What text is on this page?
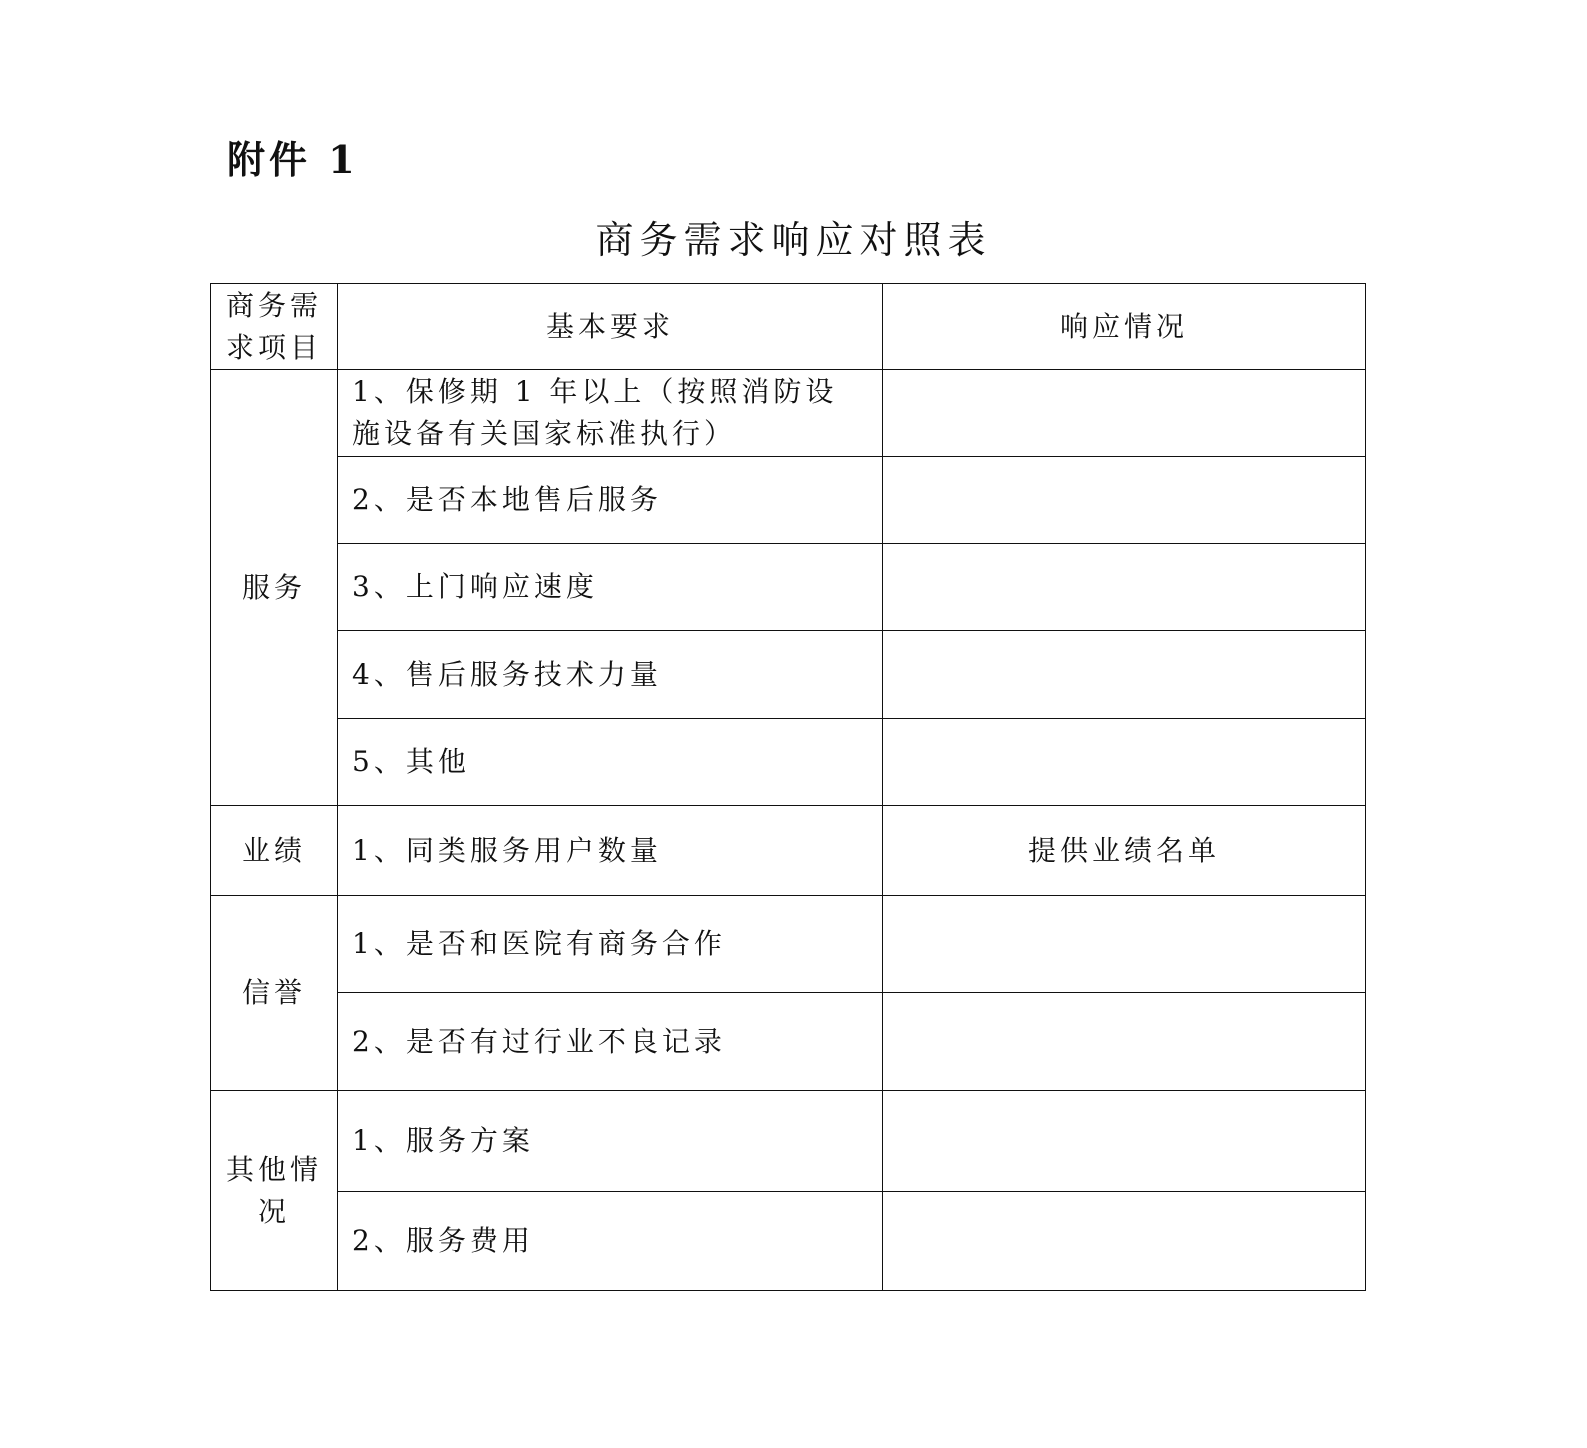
附件 1
商务需求响应对照表
商务需求项目	基本要求	响应情况
服务	1、保修期 1 年以上（按照消防设施设备有关国家标准执行）	
	2、是否本地售后服务	
	3、上门响应速度	
	4、售后服务技术力量	
	5、其他	
业绩	1、同类服务用户数量	提供业绩名单
信誉	1、是否和医院有商务合作	
	2、是否有过行业不良记录	
其他情况	1、服务方案	
	2、服务费用	
